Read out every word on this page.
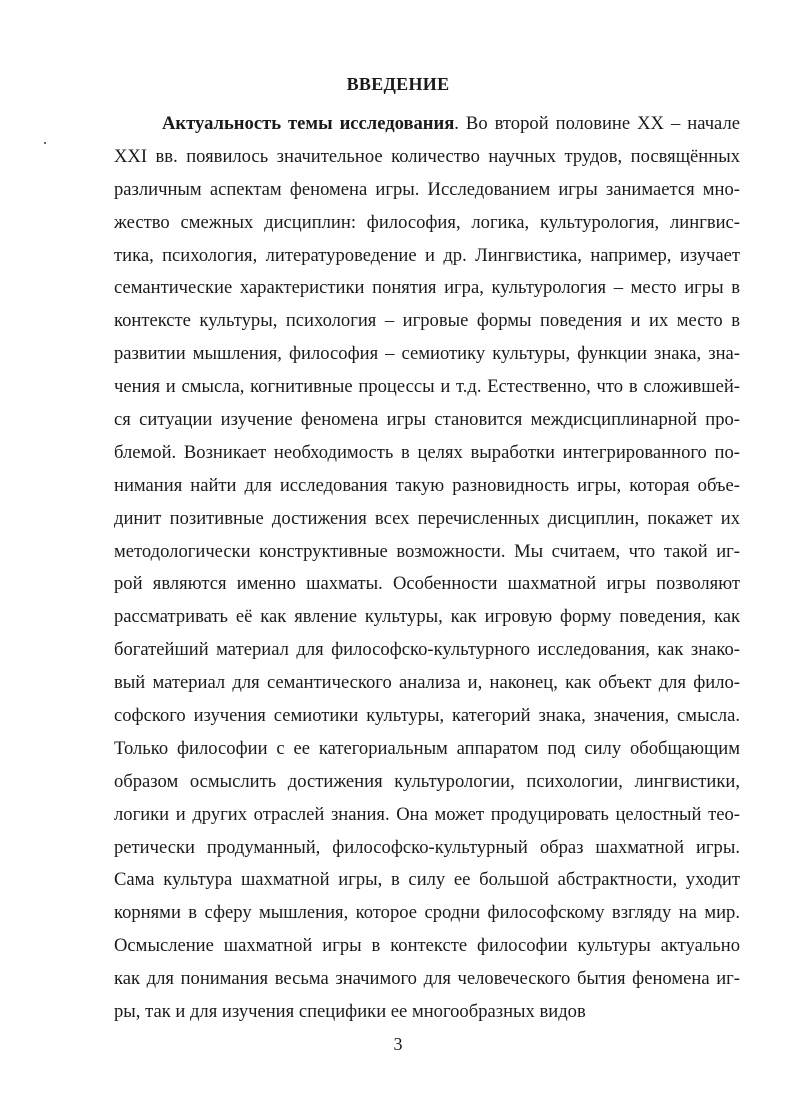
ВВЕДЕНИЕ
Актуальность темы исследования. Во второй половине XX – начале
XXI вв. появилось значительное количество научных трудов, посвящённых
различным аспектам феномена игры. Исследованием игры занимается мно-
жество смежных дисциплин: философия, логика, культурология, лингвис-
тика, психология, литературоведение и др. Лингвистика, например, изучает
семантические характеристики понятия игра, культурология – место игры в
контексте культуры, психология – игровые формы поведения и их место в
развитии мышления, философия – семиотику культуры, функции знака, зна-
чения и смысла, когнитивные процессы и т.д. Естественно, что в сложившей-
ся ситуации изучение феномена игры становится междисциплинарной про-
блемой. Возникает необходимость в целях выработки интегрированного по-
нимания найти для исследования такую разновидность игры, которая объе-
динит позитивные достижения всех перечисленных дисциплин, покажет их
методологически конструктивные возможности. Мы считаем, что такой иг-
рой являются именно шахматы. Особенности шахматной игры позволяют
рассматривать её как явление культуры, как игровую форму поведения, как
богатейший материал для философско-культурного исследования, как знако-
вый материал для семантического анализа и, наконец, как объект для фило-
софского изучения семиотики культуры, категорий знака, значения, смысла.
Только философии с ее категориальным аппаратом под силу обобщающим
образом осмыслить достижения культурологии, психологии, лингвистики,
логики и других отраслей знания. Она может продуцировать целостный тео-
ретически продуманный, философско-культурный образ шахматной игры.
Сама культура шахматной игры, в силу ее большой абстрактности, уходит
корнями в сферу мышления, которое сродни философскому взгляду на мир.
Осмысление шахматной игры в контексте философии культуры актуально
как для понимания весьма значимого для человеческого бытия феномена иг-
ры, так и для изучения специфики ее многообразных видов
3
